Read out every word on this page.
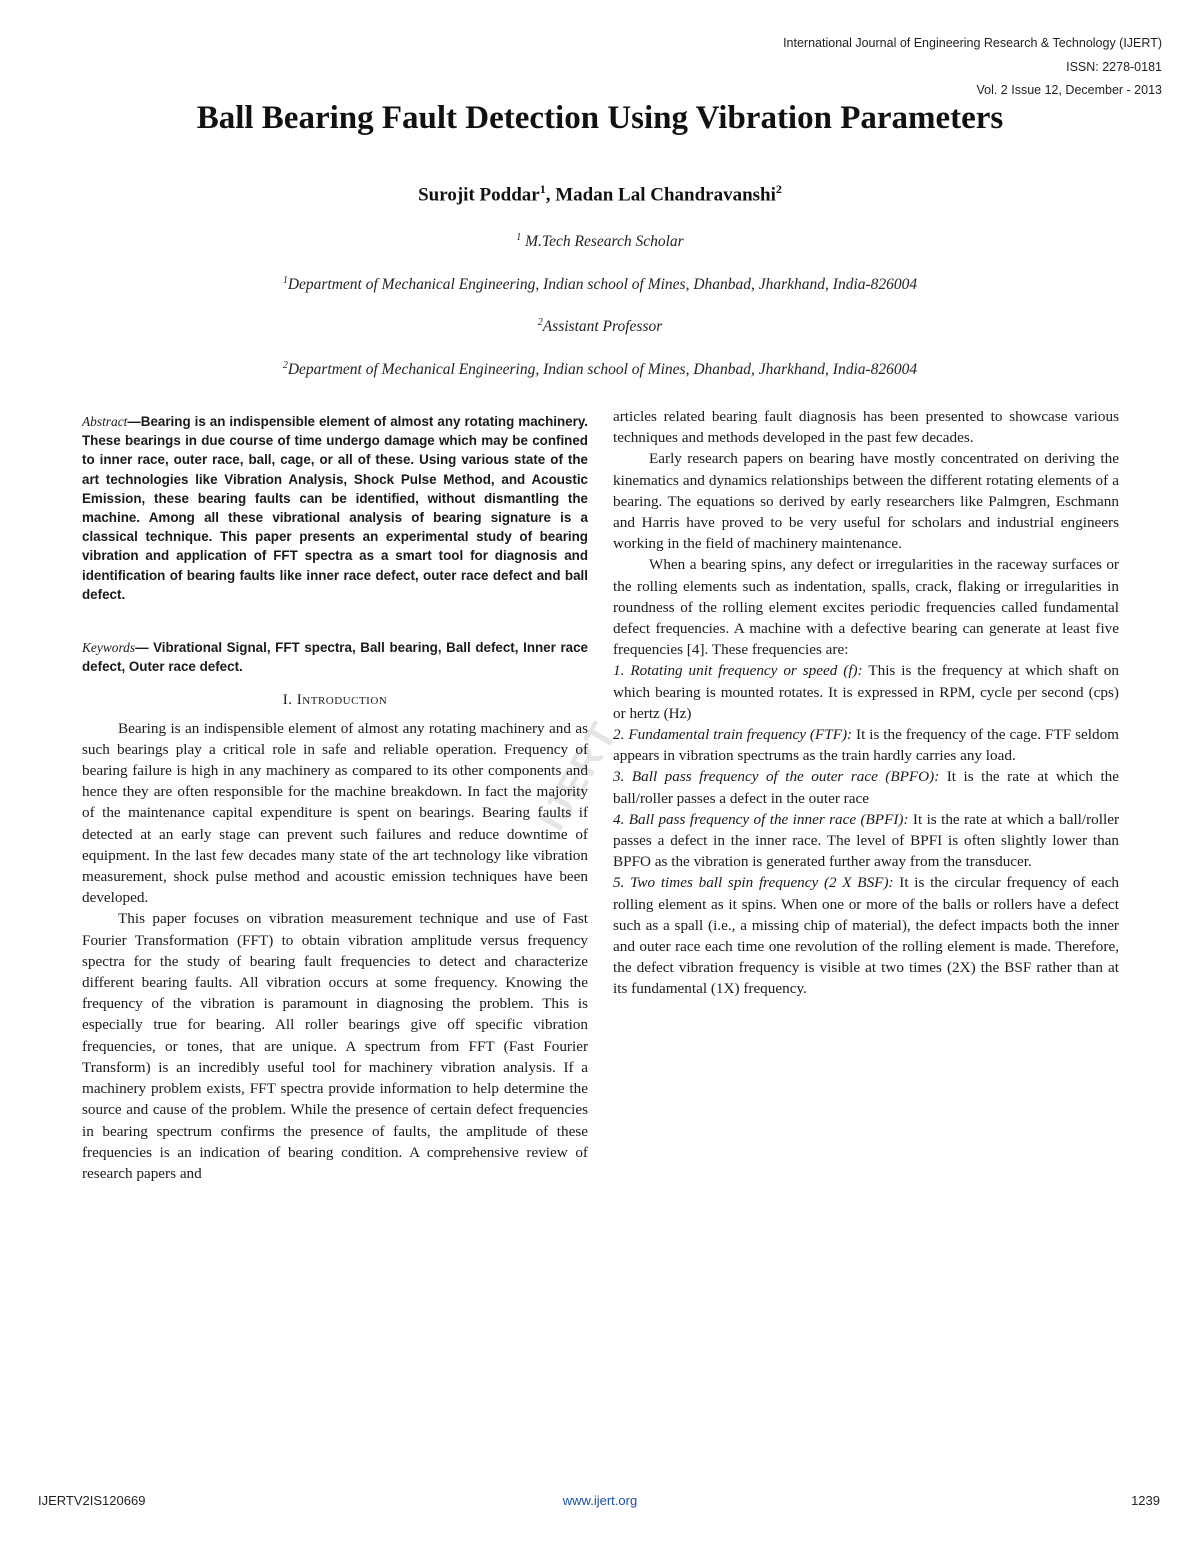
International Journal of Engineering Research & Technology (IJERT)
ISSN: 2278-0181
Vol. 2 Issue 12, December - 2013
Ball Bearing Fault Detection Using Vibration Parameters
Surojit Poddar$^1$, Madan Lal Chandravanshi$^2$
$^1$ M.Tech Research Scholar
$^1$Department of Mechanical Engineering, Indian school of Mines, Dhanbad, Jharkhand, India-826004
$^2$Assistant Professor
$^2$Department of Mechanical Engineering, Indian school of Mines, Dhanbad, Jharkhand, India-826004

Abstract—Bearing is an indispensible element of almost any rotating machinery. These bearings in due course of time undergo damage which may be confined to inner race, outer race, ball, cage, or all of these. Using various state of the art technologies like Vibration Analysis, Shock Pulse Method, and Acoustic Emission, these bearing faults can be identified, without dismantling the machine. Among all these vibrational analysis of bearing signature is a classical technique. This paper presents an experimental study of bearing vibration and application of FFT spectra as a smart tool for diagnosis and identification of bearing faults like inner race defect, outer race defect and ball defect.

Keywords— Vibrational Signal, FFT spectra, Ball bearing, Ball defect, Inner race defect, Outer race defect.

I. Introduction

Bearing is an indispensible element of almost any rotating machinery and as such bearings play a critical role in safe and reliable operation. Frequency of bearing failure is high in any machinery as compared to its other components and hence they are often responsible for the machine breakdown. In fact the majority of the maintenance capital expenditure is spent on bearings. Bearing faults if detected at an early stage can prevent such failures and reduce downtime of equipment. In the last few decades many state of the art technology like vibration measurement, shock pulse method and acoustic emission techniques have been developed.

This paper focuses on vibration measurement technique and use of Fast Fourier Transformation (FFT) to obtain vibration amplitude versus frequency spectra for the study of bearing fault frequencies to detect and characterize different bearing faults. All vibration occurs at some frequency. Knowing the frequency of the vibration is paramount in diagnosing the problem. This is especially true for bearing. All roller bearings give off specific vibration frequencies, or tones, that are unique. A spectrum from FFT (Fast Fourier Transform) is an incredibly useful tool for machinery vibration analysis. If a machinery problem exists, FFT spectra provide information to help determine the source and cause of the problem. While the presence of certain defect frequencies in bearing spectrum confirms the presence of faults, the amplitude of these frequencies is an indication of bearing condition. A comprehensive review of research papers and

articles related bearing fault diagnosis has been presented to showcase various techniques and methods developed in the past few decades.

Early research papers on bearing have mostly concentrated on deriving the kinematics and dynamics relationships between the different rotating elements of a bearing. The equations so derived by early researchers like Palmgren, Eschmann and Harris have proved to be very useful for scholars and industrial engineers working in the field of machinery maintenance.

When a bearing spins, any defect or irregularities in the raceway surfaces or the rolling elements such as indentation, spalls, crack, flaking or irregularities in roundness of the rolling element excites periodic frequencies called fundamental defect frequencies. A machine with a defective bearing can generate at least five frequencies [4]. These frequencies are:

1. Rotating unit frequency or speed (f): This is the frequency at which shaft on which bearing is mounted rotates. It is expressed in RPM, cycle per second (cps) or hertz (Hz)

2. Fundamental train frequency (FTF): It is the frequency of the cage. FTF seldom appears in vibration spectrums as the train hardly carries any load.

3. Ball pass frequency of the outer race (BPFO): It is the rate at which the ball/roller passes a defect in the outer race

4. Ball pass frequency of the inner race (BPFI): It is the rate at which a ball/roller passes a defect in the inner race. The level of BPFI is often slightly lower than BPFO as the vibration is generated further away from the transducer.

5. Two times ball spin frequency (2 X BSF): It is the circular frequency of each rolling element as it spins. When one or more of the balls or rollers have a defect such as a spall (i.e., a missing chip of material), the defect impacts both the inner and outer race each time one revolution of the rolling element is made. Therefore, the defect vibration frequency is visible at two times (2X) the BSF rather than at its fundamental (1X) frequency.

IJERT
IJERTV2IS120669	www.ijert.org	1239
